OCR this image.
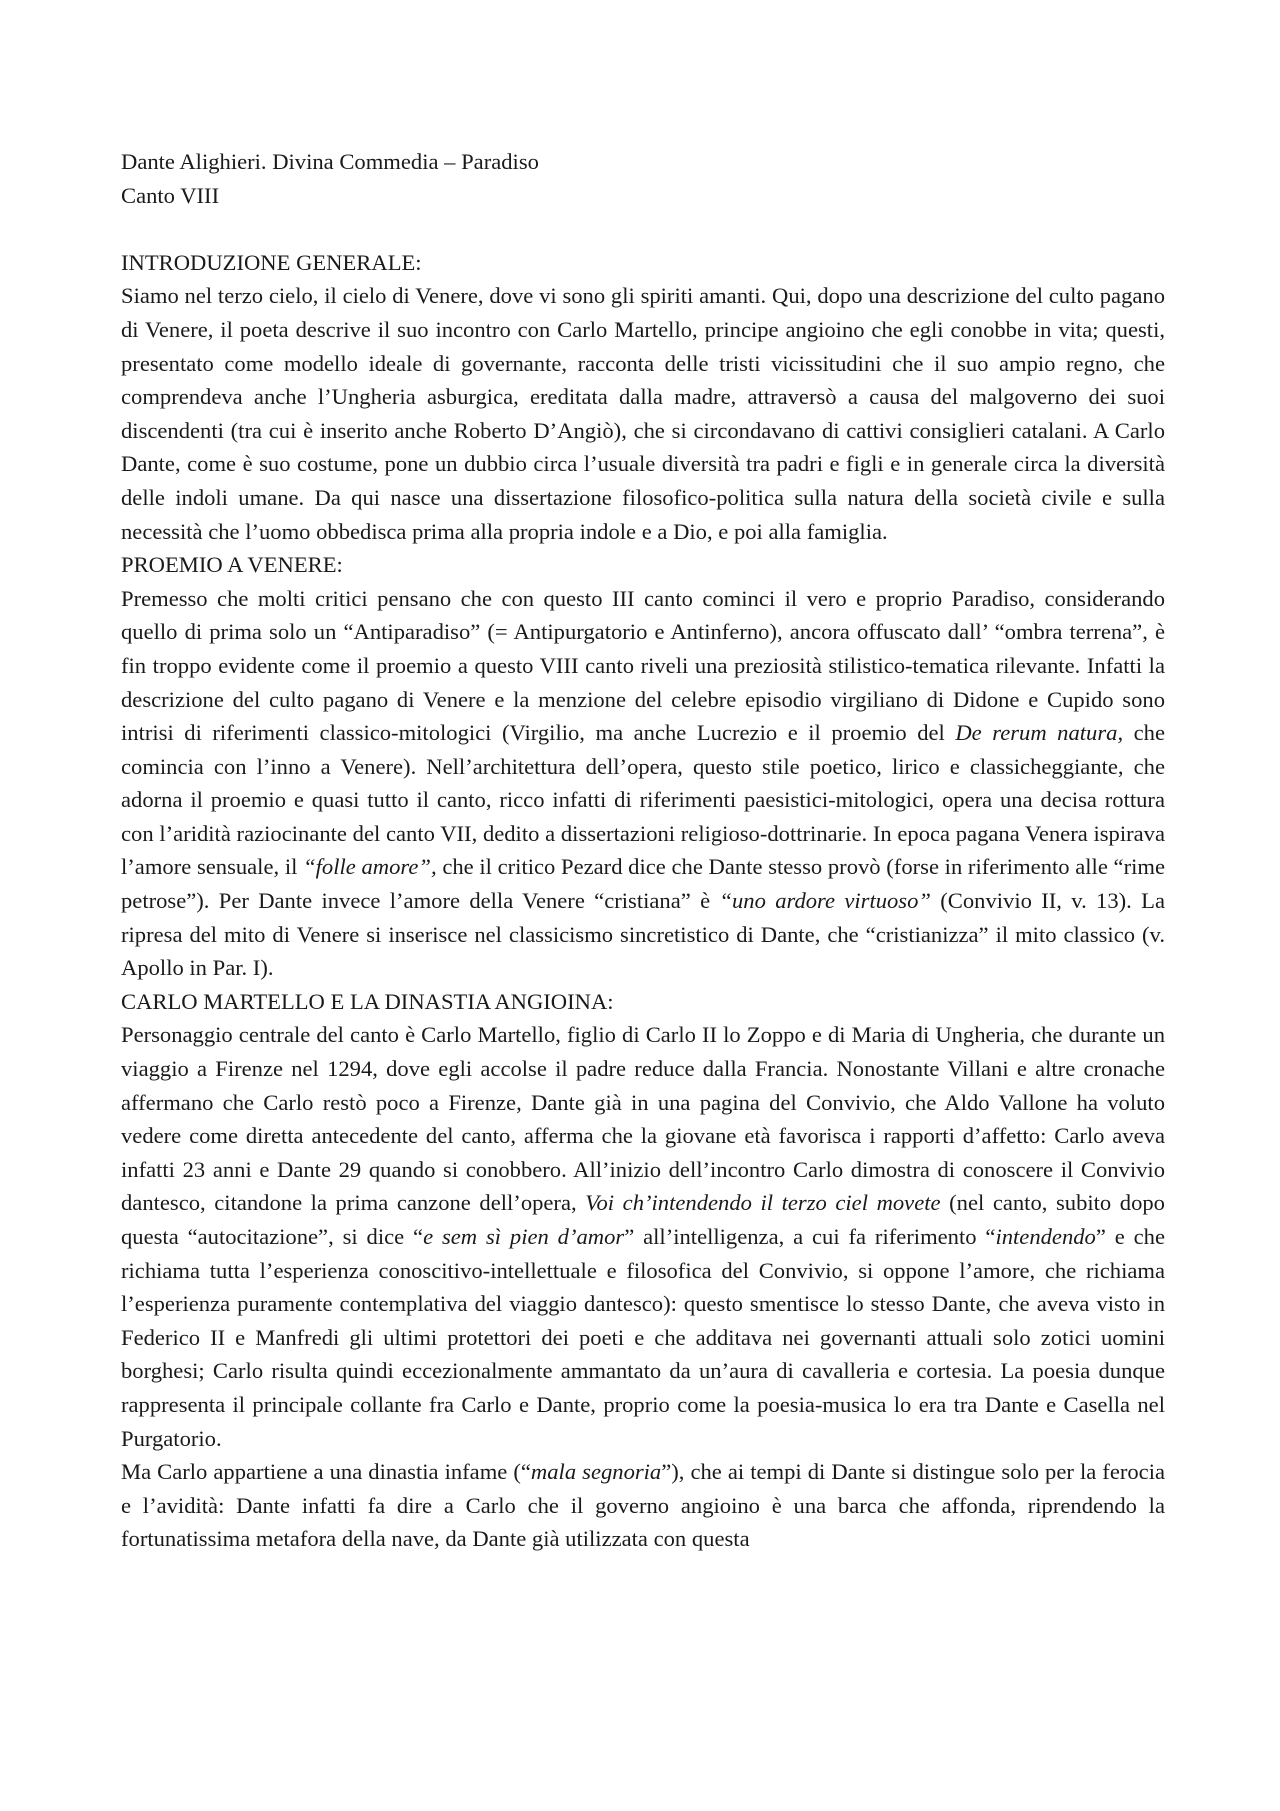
Dante Alighieri. Divina Commedia – Paradiso
Canto VIII
INTRODUZIONE GENERALE:

Siamo nel terzo cielo, il cielo di Venere, dove vi sono gli spiriti amanti. Qui, dopo una descrizione del culto pagano di Venere, il poeta descrive il suo incontro con Carlo Martello, principe angioino che egli conobbe in vita; questi, presentato come modello ideale di governante, racconta delle tristi vicissitudini che il suo ampio regno, che comprendeva anche l’Ungheria asburgica, ereditata dalla madre, attraversò a causa del malgoverno dei suoi discendenti (tra cui è inserito anche Roberto D’Angiò), che si circondavano di cattivi consiglieri catalani. A Carlo Dante, come è suo costume, pone un dubbio circa l’usuale diversità tra padri e figli e in generale circa la diversità delle indoli umane. Da qui nasce una dissertazione filosofico-politica sulla natura della società civile e sulla necessità che l’uomo obbedisca prima alla propria indole e a Dio, e poi alla famiglia.

PROEMIO A VENERE:

Premesso che molti critici pensano che con questo III canto cominci il vero e proprio Paradiso, considerando quello di prima solo un “Antiparadiso” (= Antipurgatorio e Antinferno), ancora offuscato dall’ “ombra terrena”, è fin troppo evidente come il proemio a questo VIII canto riveli una preziosità stilistico-tematica rilevante. Infatti la descrizione del culto pagano di Venere e la menzione del celebre episodio virgiliano di Didone e Cupido sono intrisi di riferimenti classico-mitologici (Virgilio, ma anche Lucrezio e il proemio del De rerum natura, che comincia con l’inno a Venere). Nell’architettura dell’opera, questo stile poetico, lirico e classicheggiante, che adorna il proemio e quasi tutto il canto, ricco infatti di riferimenti paesistici-mitologici, opera una decisa rottura con l’aridità raziocinante del canto VII, dedito a dissertazioni religioso-dottrinarie. In epoca pagana Venera ispirava l’amore sensuale, il “folle amore”, che il critico Pezard dice che Dante stesso provò (forse in riferimento alle “rime petrose”). Per Dante invece l’amore della Venere “cristiana” è “uno ardore virtuoso” (Convivio II, v. 13). La ripresa del mito di Venere si inserisce nel classicismo sincretistico di Dante, che “cristianizza” il mito classico (v. Apollo in Par. I).

CARLO MARTELLO E LA DINASTIA ANGIOINA:

Personaggio centrale del canto è Carlo Martello, figlio di Carlo II lo Zoppo e di Maria di Ungheria, che durante un viaggio a Firenze nel 1294, dove egli accolse il padre reduce dalla Francia. Nonostante Villani e altre cronache affermano che Carlo restò poco a Firenze, Dante già in una pagina del Convivio, che Aldo Vallone ha voluto vedere come diretta antecedente del canto, afferma che la giovane età favorisca i rapporti d’affetto: Carlo aveva infatti 23 anni e Dante 29 quando si conobbero. All’inizio dell’incontro Carlo dimostra di conoscere il Convivio dantesco, citandone la prima canzone dell’opera, Voi ch’intendendo il terzo ciel movete (nel canto, subito dopo questa “autocitazione”, si dice “e sem sì pien d’amor” all’intelligenza, a cui fa riferimento “intendendo” e che richiama tutta l’esperienza conoscitivo-intellettuale e filosofica del Convivio, si oppone l’amore, che richiama l’esperienza puramente contemplativa del viaggio dantesco): questo smentisce lo stesso Dante, che aveva visto in Federico II e Manfredi gli ultimi protettori dei poeti e che additava nei governanti attuali solo zotici uomini borghesi; Carlo risulta quindi eccezionalmente ammantato da un’aura di cavalleria e cortesia. La poesia dunque rappresenta il principale collante fra Carlo e Dante, proprio come la poesia-musica lo era tra Dante e Casella nel Purgatorio.

Ma Carlo appartiene a una dinastia infame (“mala segnoria”), che ai tempi di Dante si distingue solo per la ferocia e l’avidità: Dante infatti fa dire a Carlo che il governo angioino è una barca che affonda, riprendendo la fortunatissima metafora della nave, da Dante già utilizzata con questa
